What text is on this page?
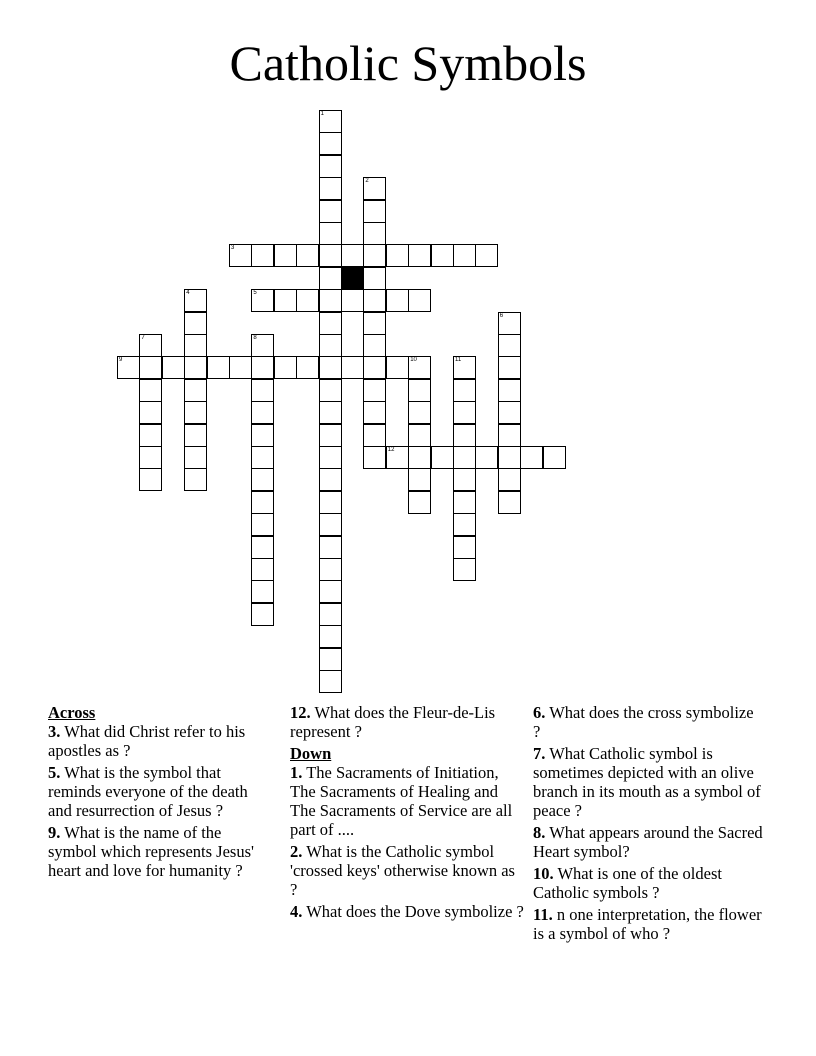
Catholic Symbols
1
2
3
4	5
6
7	8
9	10	11
12
Across
3. What did Christ refer to his apostles as ?
5. What is the symbol that reminds everyone of the death and resurrection of Jesus ?
9. What is the name of the symbol which represents Jesus' heart and love for humanity ?
12. What does the Fleur-de-Lis represent ?
Down
1. The Sacraments of Initiation, The Sacraments of Healing and The Sacraments of Service are all part of ....
2. What is the Catholic symbol 'crossed keys' otherwise known as ?
4. What does the Dove symbolize ?
6. What does the cross symbolize ?
7. What Catholic symbol is sometimes depicted with an olive branch in its mouth as a symbol of peace ?
8. What appears around the Sacred Heart symbol?
10. What is one of the oldest Catholic symbols ?
11. n one interpretation, the flower is a symbol of who ?
